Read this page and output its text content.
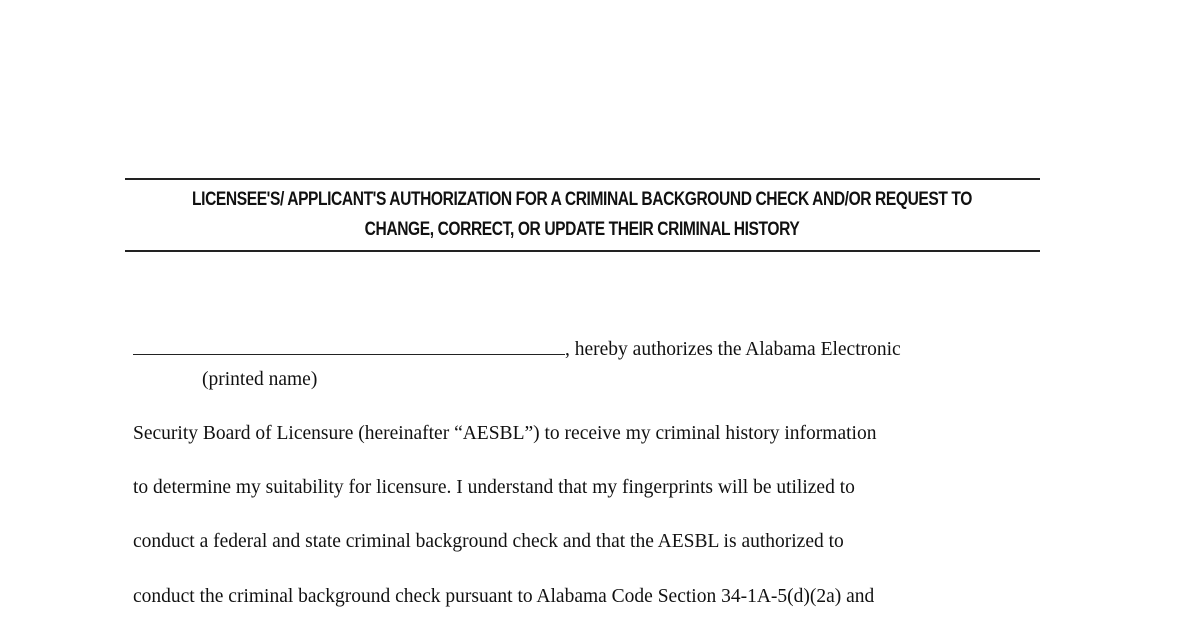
LICENSEE'S/ APPLICANT'S AUTHORIZATION FOR A CRIMINAL BACKGROUND CHECK AND/OR REQUEST TO
CHANGE, CORRECT, OR UPDATE THEIR CRIMINAL HISTORY
, hereby authorizes the Alabama Electronic
(printed name)
Security Board of Licensure (hereinafter “AESBL”) to receive my criminal history information
to determine my suitability for licensure. I understand that my fingerprints will be utilized to
conduct a federal and state criminal background check and that the AESBL is authorized to
conduct the criminal background check pursuant to Alabama Code Section 34-1A-5(d)(2a) and
